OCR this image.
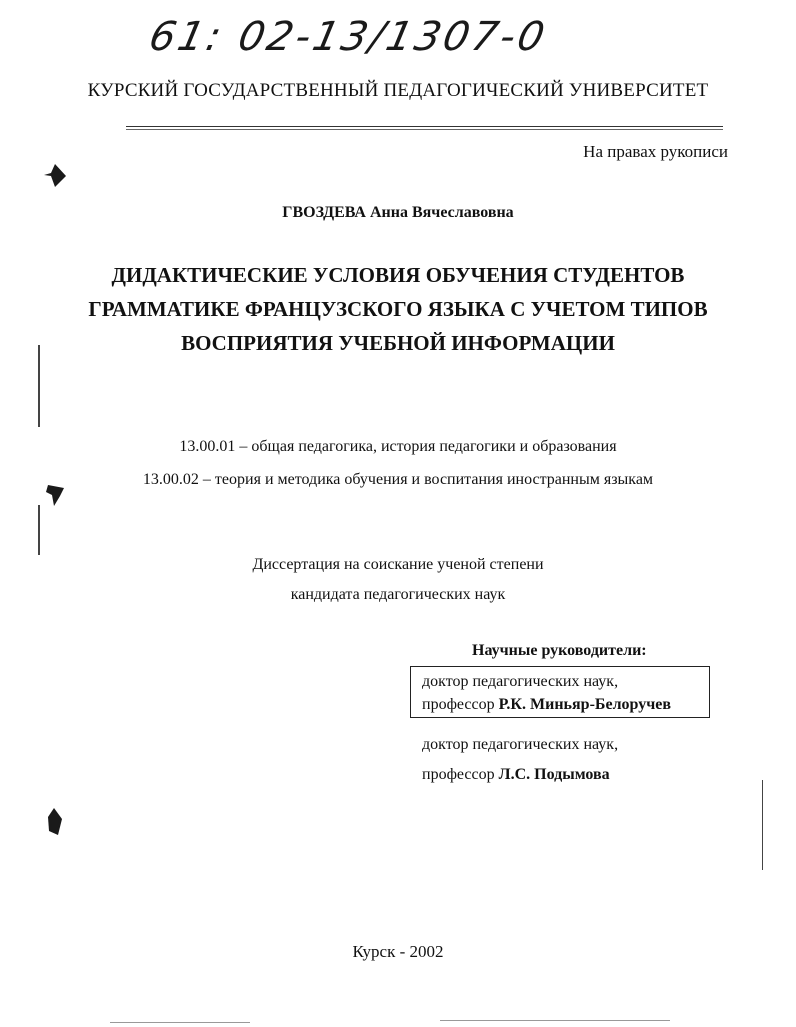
61: 02-13/1307-0
КУРСКИЙ ГОСУДАРСТВЕННЫЙ ПЕДАГОГИЧЕСКИЙ УНИВЕРСИТЕТ
На правах рукописи
ГВОЗДЕВА Анна Вячеславовна
ДИДАКТИЧЕСКИЕ УСЛОВИЯ ОБУЧЕНИЯ СТУДЕНТОВ
ГРАММАТИКЕ ФРАНЦУЗСКОГО ЯЗЫКА С УЧЕТОМ ТИПОВ
ВОСПРИЯТИЯ УЧЕБНОЙ ИНФОРМАЦИИ
13.00.01 – общая педагогика, история педагогики и образования
13.00.02 – теория и методика обучения и воспитания иностранным языкам
Диссертация на соискание ученой степени
кандидата педагогических наук
Научные руководители:
доктор педагогических наук,
профессор Р.К. Миньяр-Белоручев
доктор педагогических наук,
профессор Л.С. Подымова
Курск - 2002
